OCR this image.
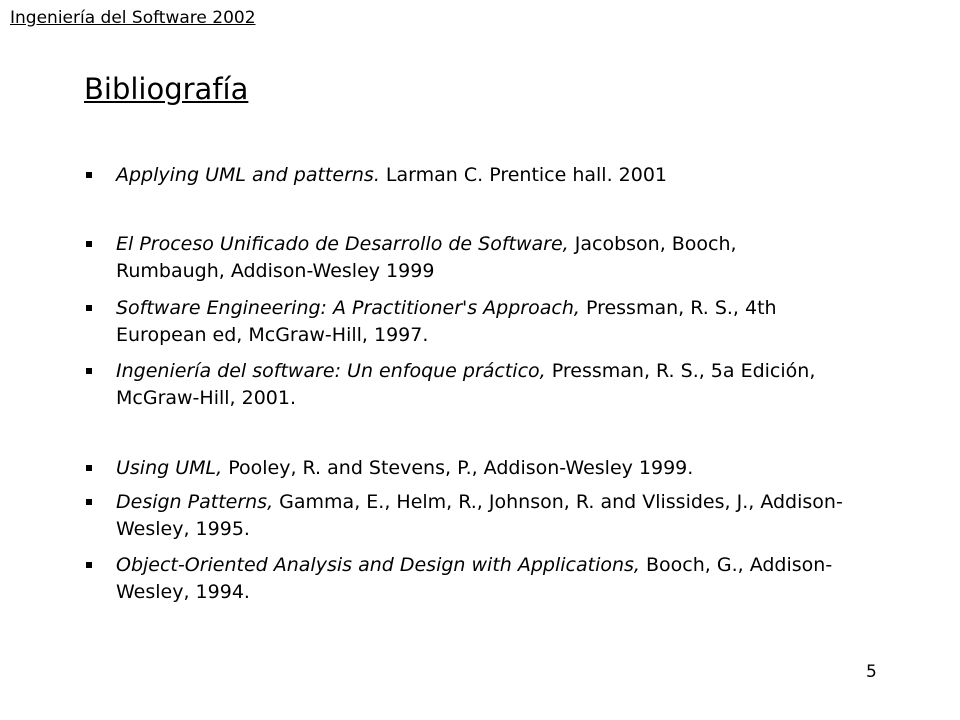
Ingeniería del Software 2002
Bibliografía
Applying UML and patterns. Larman C. Prentice hall. 2001
El Proceso Unificado de Desarrollo de Software, Jacobson, Booch, Rumbaugh, Addison-Wesley 1999
Software Engineering: A Practitioner's Approach, Pressman, R. S., 4th European ed, McGraw-Hill, 1997.
Ingeniería del software: Un enfoque práctico, Pressman, R. S., 5a Edición, McGraw-Hill, 2001.
Using UML, Pooley, R. and Stevens, P., Addison-Wesley 1999.
Design Patterns, Gamma, E., Helm, R., Johnson, R. and Vlissides, J., Addison-Wesley, 1995.
Object-Oriented Analysis and Design with Applications, Booch, G., Addison-Wesley, 1994.
5
